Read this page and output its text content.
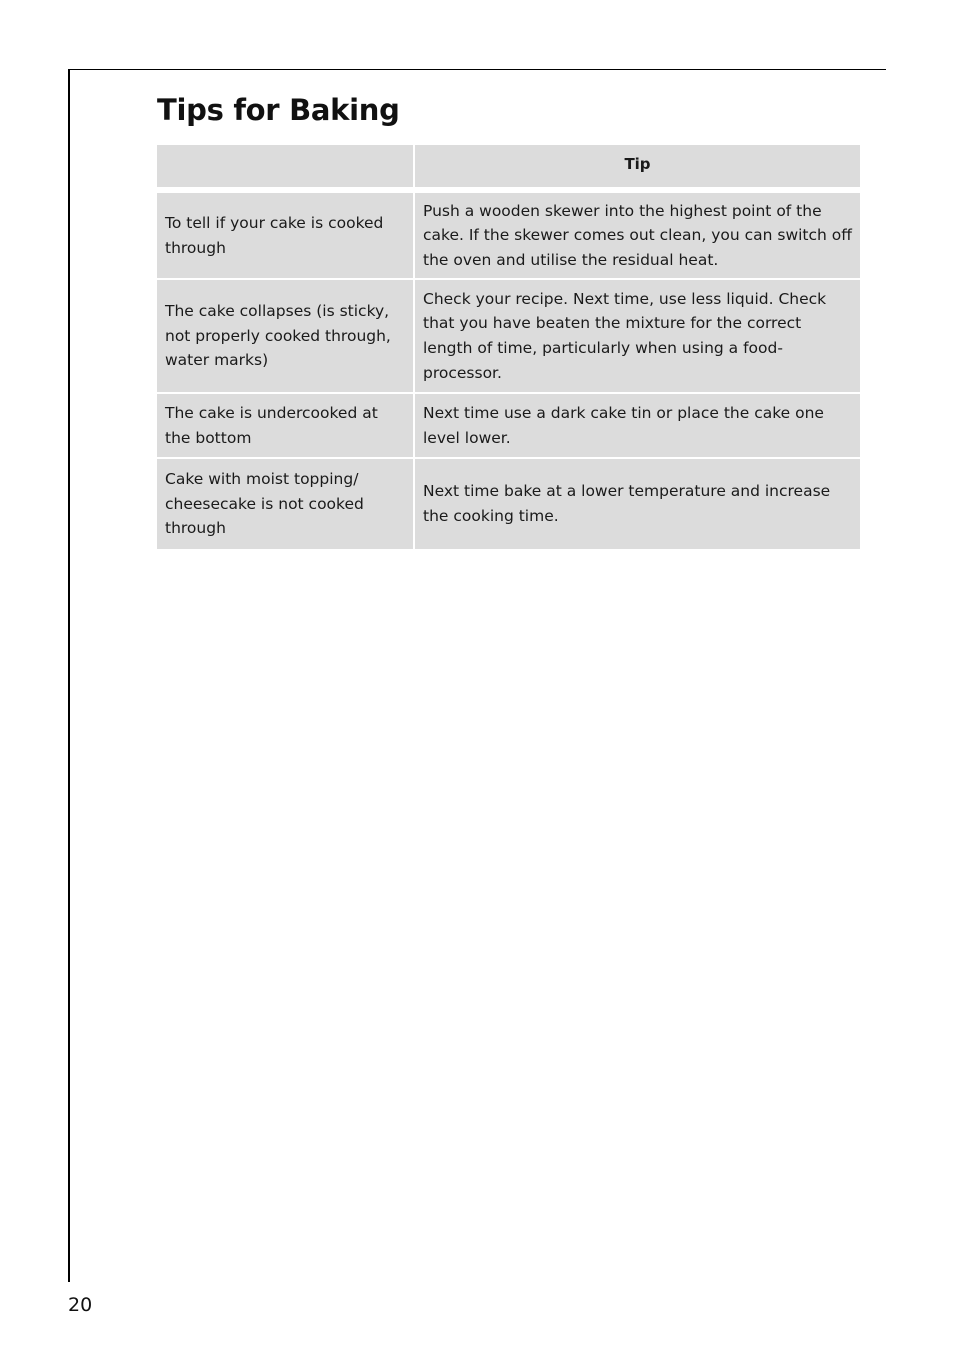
Tips for Baking
	Tip
To tell if your cake is cooked through	Push a wooden skewer into the highest point of the cake. If the skewer comes out clean, you can switch off the oven and utilise the residual heat.
The cake collapses (is sticky, not properly cooked through, water marks)	Check your recipe. Next time, use less liquid. Check that you have beaten the mixture for the correct length of time, particularly when using a food-processor.
The cake is undercooked at the bottom	Next time use a dark cake tin or place the cake one level lower.
Cake with moist topping/ cheesecake is not cooked through	Next time bake at a lower temperature and increase the cooking time.
20
